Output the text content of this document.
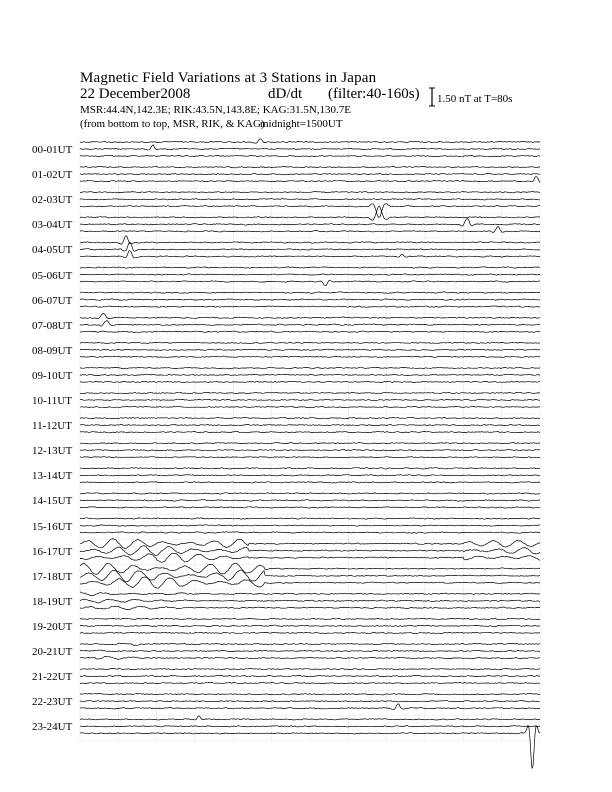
Magnetic Field Variations at 3 Stations in Japan
22 December2008	dD/dt (filter:40-160s)
MSR:44.4N,142.3E; RIK:43.5N,143.8E; KAG:31.5N,130.7E
(from bottom to top, MSR, RIK, & KAG)
midnight=1500UT
1.50 nT at T=80s
00-01UT
01-02UT
02-03UT
03-04UT
04-05UT
05-06UT
06-07UT
07-08UT
08-09UT
09-10UT
10-11UT
11-12UT
12-13UT
13-14UT
14-15UT
15-16UT
16-17UT
17-18UT
18-19UT
19-20UT
20-21UT
21-22UT
22-23UT
23-24UT
